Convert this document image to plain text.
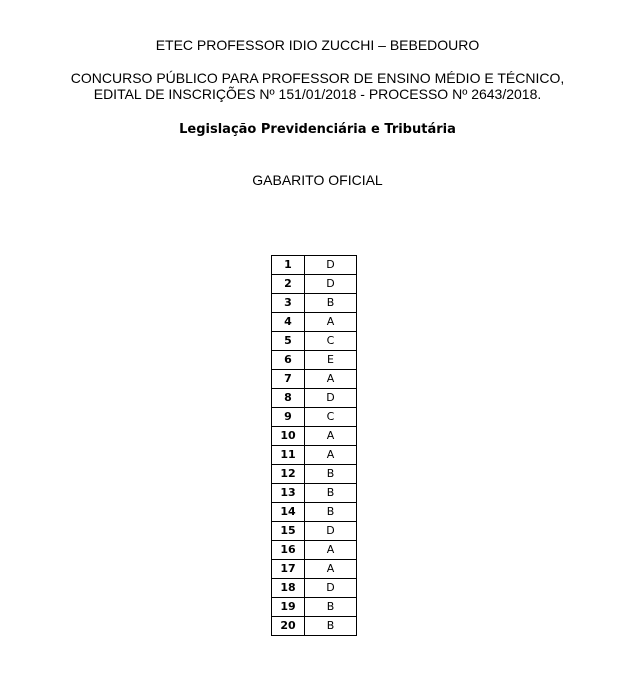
ETEC PROFESSOR IDIO ZUCCHI – BEBEDOURO
CONCURSO PÚBLICO PARA PROFESSOR DE ENSINO MÉDIO E TÉCNICO,
EDITAL DE INSCRIÇÕES Nº 151/01/2018 - PROCESSO Nº 2643/2018.
Legislação Previdenciária e Tributária
GABARITO OFICIAL
1	D
2	D
3	B
4	A
5	C
6	E
7	A
8	D
9	C
10	A
11	A
12	B
13	B
14	B
15	D
16	A
17	A
18	D
19	B
20	B
